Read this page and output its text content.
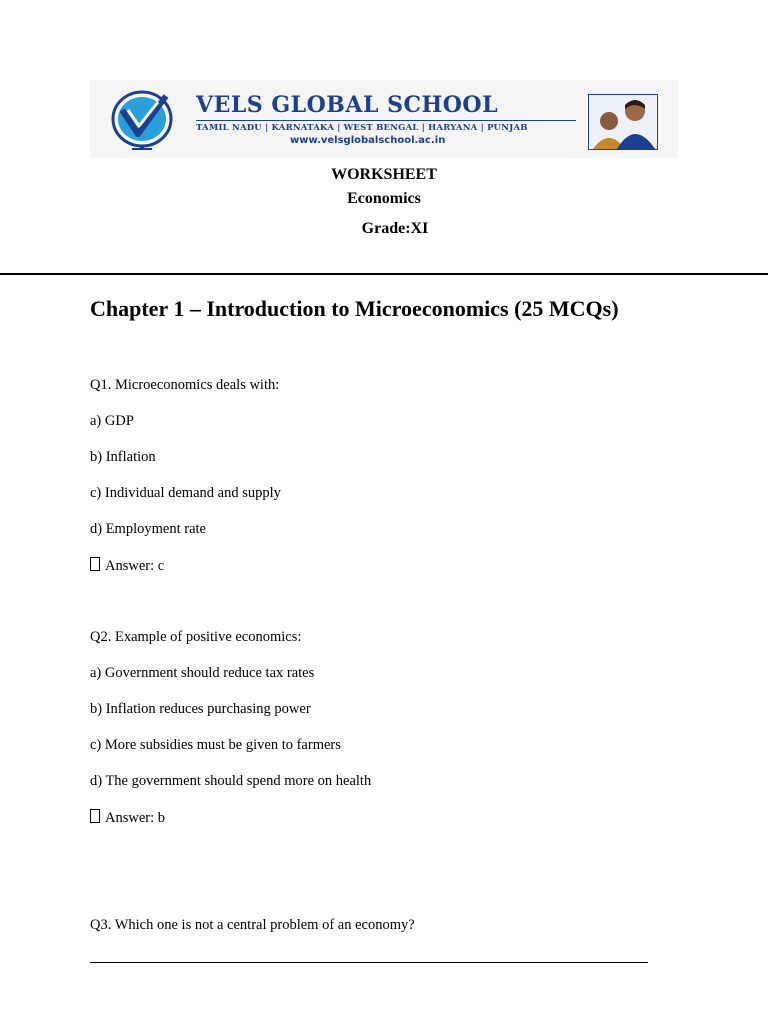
VELS GLOBAL SCHOOL
TAMIL NADU | KARNATAKA | WEST BENGAL | HARYANA | PUNJAB
www.velsglobalschool.ac.in
WORKSHEET
Economics
Grade:XI
Chapter 1 – Introduction to Microeconomics (25 MCQs)
Q1. Microeconomics deals with:
a) GDP
b) Inflation
c) Individual demand and supply
d) Employment rate
Answer: c
Q2. Example of positive economics:
a) Government should reduce tax rates
b) Inflation reduces purchasing power
c) More subsidies must be given to farmers
d) The government should spend more on health
Answer: b
Q3. Which one is not a central problem of an economy?
